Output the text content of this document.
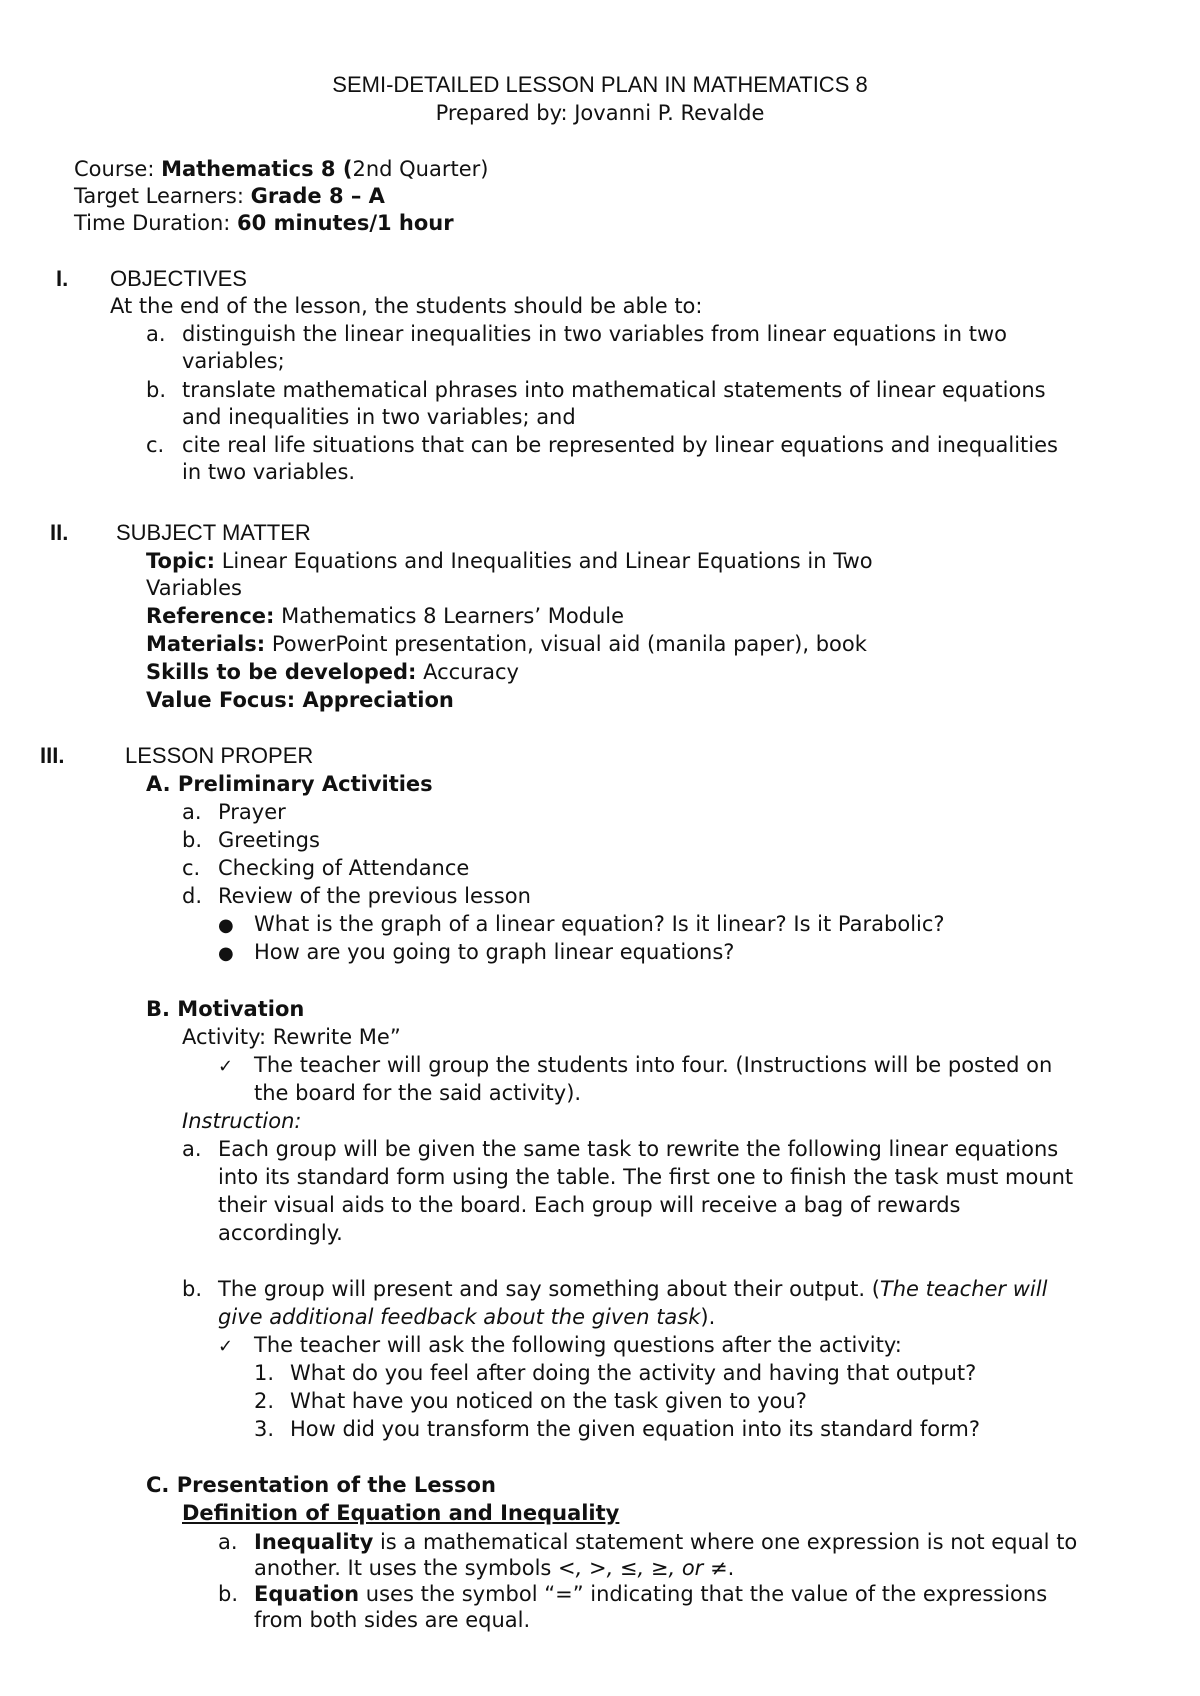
SEMI-DETAILED LESSON PLAN IN MATHEMATICS 8
Prepared by: Jovanni P. Revalde
Course: Mathematics 8 (2nd Quarter)
Target Learners: Grade 8 – A
Time Duration: 60 minutes/1 hour
I. OBJECTIVES
At the end of the lesson, the students should be able to:
a. distinguish the linear inequalities in two variables from linear equations in two
variables;
b. translate mathematical phrases into mathematical statements of linear equations
and inequalities in two variables; and
c. cite real life situations that can be represented by linear equations and inequalities
in two variables.
II. SUBJECT MATTER
Topic: Linear Equations and Inequalities and Linear Equations in Two
Variables
Reference: Mathematics 8 Learners’ Module
Materials: PowerPoint presentation, visual aid (manila paper), book
Skills to be developed: Accuracy
Value Focus: Appreciation
III.	LESSON PROPER
A. Preliminary Activities
a. Prayer
b. Greetings
c. Checking of Attendance
d. Review of the previous lesson
● What is the graph of a linear equation? Is it linear? Is it Parabolic?
● How are you going to graph linear equations?
B. Motivation
Activity: Rewrite Me”
✓ The teacher will group the students into four. (Instructions will be posted on
the board for the said activity).
Instruction:
a. Each group will be given the same task to rewrite the following linear equations
into its standard form using the table. The first one to finish the task must mount
their visual aids to the board. Each group will receive a bag of rewards
accordingly.
b. The group will present and say something about their output. (The teacher will
give additional feedback about the given task).
✓ The teacher will ask the following questions after the activity:
1. What do you feel after doing the activity and having that output?
2. What have you noticed on the task given to you?
3. How did you transform the given equation into its standard form?
C. Presentation of the Lesson
Definition of Equation and Inequality
a. Inequality is a mathematical statement where one expression is not equal to
another. It uses the symbols <, >, ≤, ≥, or ≠.
b. Equation uses the symbol “=” indicating that the value of the expressions
from both sides are equal.
